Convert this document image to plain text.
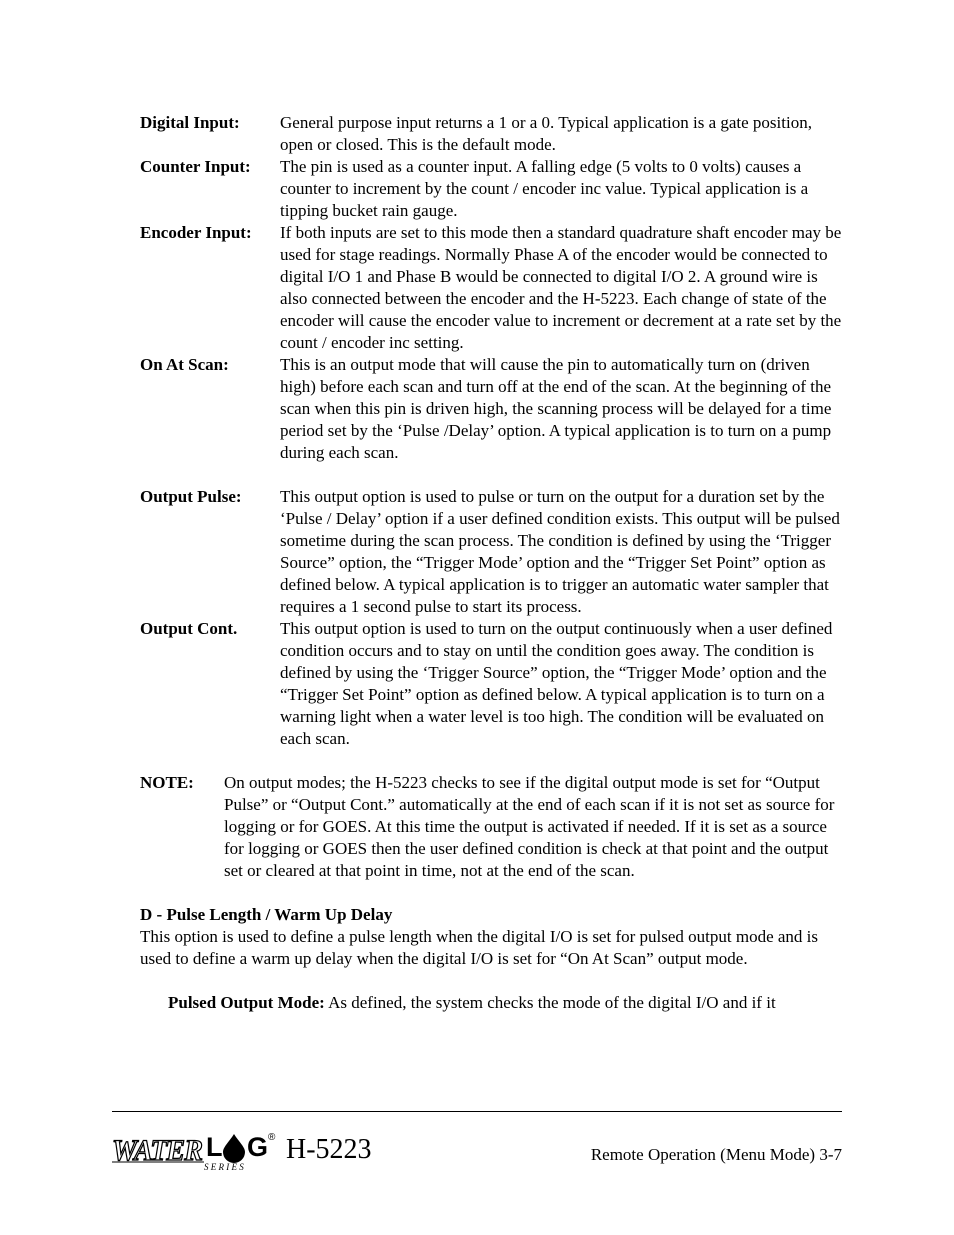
Digital Input:	General purpose input returns a 1 or a 0. Typical application is a gate position, open or closed. This is the default mode.
Counter Input:	The pin is used as a counter input. A falling edge (5 volts to 0 volts) causes a counter to increment by the count / encoder inc value. Typical application is a tipping bucket rain gauge.
Encoder Input:	If both inputs are set to this mode then a standard quadrature shaft encoder may be used for stage readings. Normally Phase A of the encoder would be connected to digital I/O 1 and Phase B would be connected to digital I/O 2. A ground wire is also connected between the encoder and the H-5223. Each change of state of the encoder will cause the encoder value to increment or decrement at a rate set by the count / encoder inc setting.
On At Scan:	This is an output mode that will cause the pin to automatically turn on (driven high) before each scan and turn off at the end of the scan. At the beginning of the scan when this pin is driven high, the scanning process will be delayed for a time period set by the ‘Pulse /Delay’ option. A typical application is to turn on a pump during each scan.
Output Pulse:	This output option is used to pulse or turn on the output for a duration set by the ‘Pulse / Delay’ option if a user defined condition exists. This output will be pulsed sometime during the scan process. The condition is defined by using the ‘Trigger Source” option, the “Trigger Mode’ option and the “Trigger Set Point” option as defined below. A typical application is to trigger an automatic water sampler that requires a 1 second pulse to start its process.
Output Cont.	This output option is used to turn on the output continuously when a user defined condition occurs and to stay on until the condition goes away. The condition is defined by using the ‘Trigger Source” option, the “Trigger Mode’ option and the “Trigger Set Point” option as defined below. A typical application is to turn on a warning light when a water level is too high. The condition will be evaluated on each scan.
NOTE:	On output modes; the H-5223 checks to see if the digital output mode is set for “Output Pulse” or “Output Cont.” automatically at the end of each scan if it is not set as source for logging or for GOES. At this time the output is activated if needed. If it is set as a source for logging or GOES then the user defined condition is check at that point and the output set or cleared at that point in time, not at the end of the scan.
D - Pulse Length / Warm Up Delay
This option is used to define a pulse length when the digital I/O is set for pulsed output mode and is used to define a warm up delay when the digital I/O is set for “On At Scan” output mode.
Pulsed Output Mode: As defined, the system checks the mode of the digital I/O and if it
WATER L G ®
S E R I E S
H-5223	Remote Operation (Menu Mode) 3-7
